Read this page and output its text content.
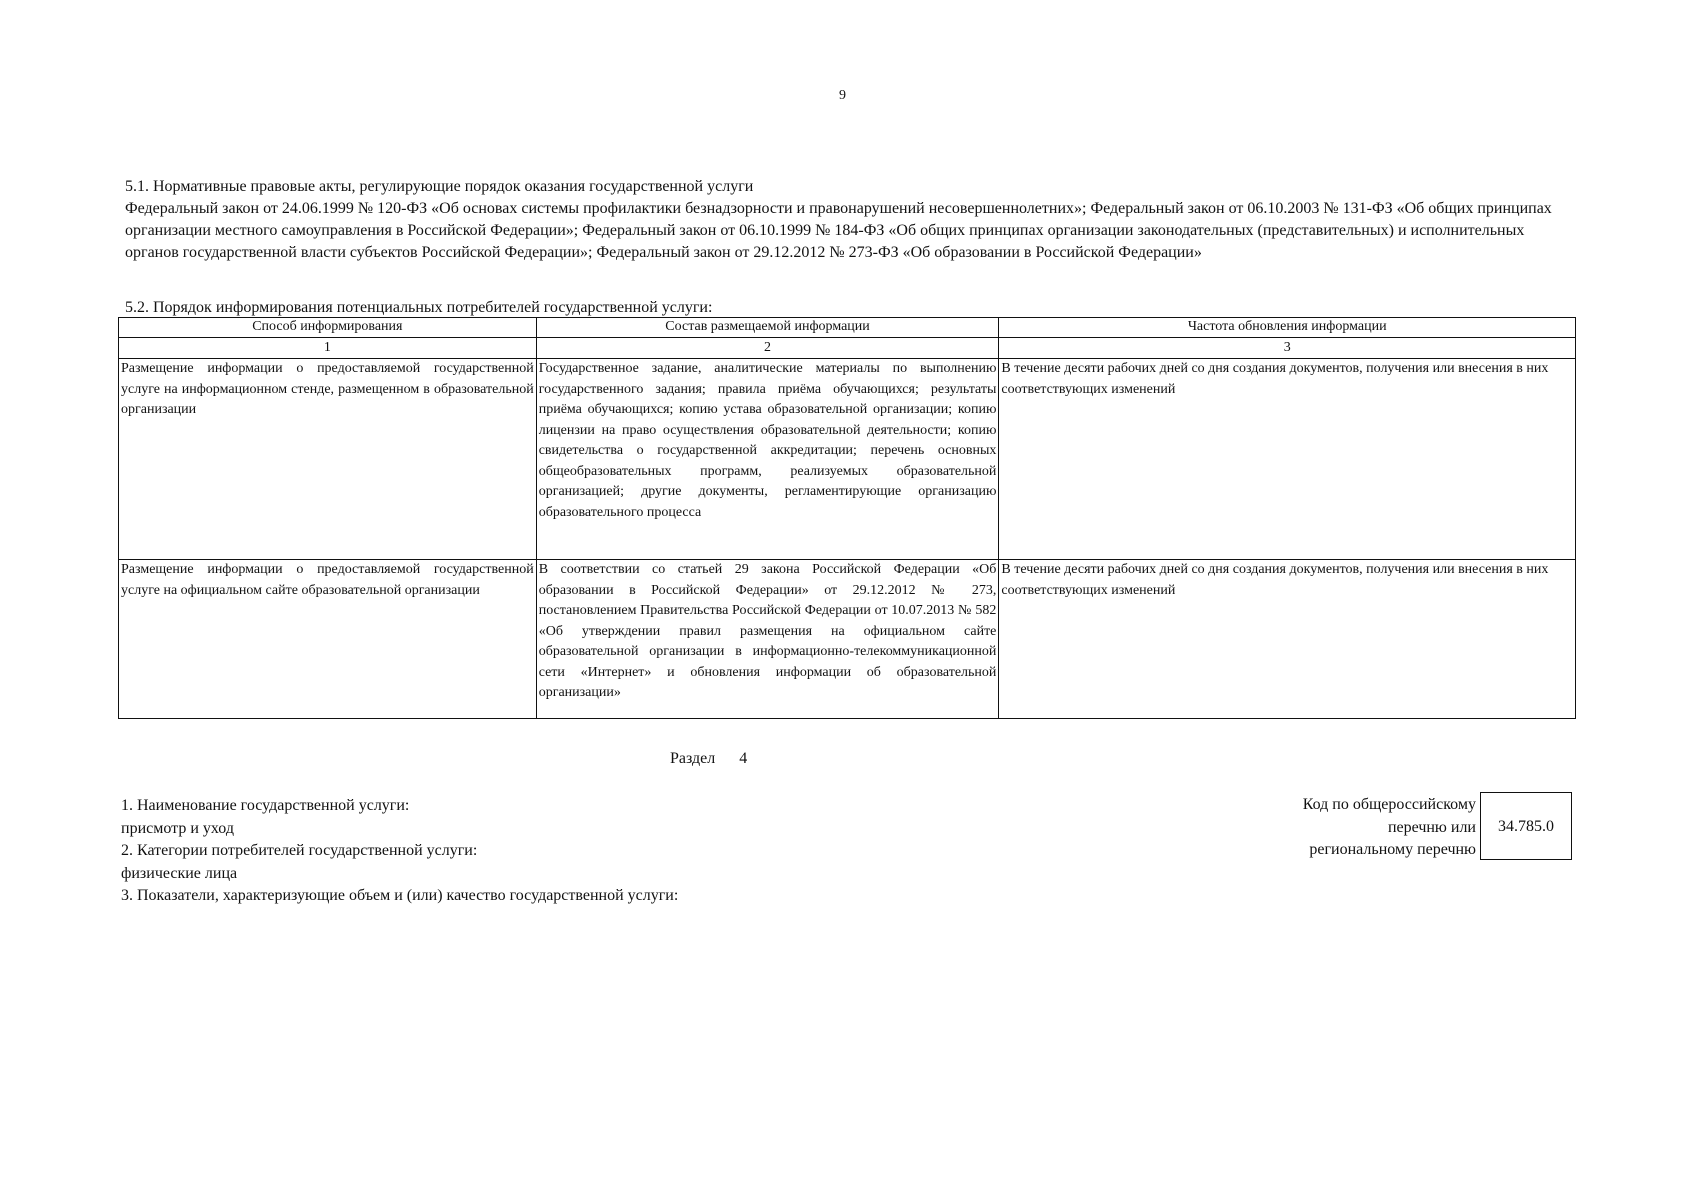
9
5.1. Нормативные правовые акты, регулирующие порядок оказания государственной услуги
Федеральный закон от 24.06.1999 № 120-ФЗ «Об основах системы профилактики безнадзорности и правонарушений несовершеннолетних»; Федеральный закон от 06.10.2003 № 131-ФЗ «Об общих принципах организации местного самоуправления в Российской Федерации»; Федеральный закон от 06.10.1999 № 184-ФЗ «Об общих принципах организации законодательных (представительных) и исполнительных органов государственной власти субъектов Российской Федерации»; Федеральный закон от 29.12.2012 № 273-ФЗ «Об образовании в Российской Федерации»
5.2. Порядок информирования потенциальных потребителей государственной услуги:
Способ информирования	Состав размещаемой информации	Частота обновления информации
1	2	3
Размещение информации о предоставляемой государственной услуге на информационном стенде, размещенном в образовательной организации	Государственное задание, аналитические материалы по выполнению государственного задания; правила приёма обучающихся; результаты приёма обучающихся; копию устава образовательной организации; копию лицензии на право осуществления образовательной деятельности; копию свидетельства о государственной аккредитации; перечень основных общеобразовательных программ, реализуемых образовательной организацией; другие документы, регламентирующие организацию образовательного процесса	В течение десяти рабочих дней со дня создания документов, получения или внесения в них соответствующих изменений
Размещение информации о предоставляемой государственной услуге на официальном сайте образовательной организации	В соответствии со статьей 29 закона Российской Федерации «Об образовании в Российской Федерации» от 29.12.2012 № 273, постановлением Правительства Российской Федерации от 10.07.2013 № 582 «Об утверждении правил размещения на официальном сайте образовательной организации в информационно-телекоммуникационной сети «Интернет» и обновления информации об образовательной организации»	В течение десяти рабочих дней со дня создания документов, получения или внесения в них соответствующих изменений
Раздел 4
1. Наименование государственной услуги:
присмотр и уход
2. Категории потребителей государственной услуги:
физические лица
3. Показатели, характеризующие объем и (или) качество государственной услуги:
Код по общероссийскому
перечню или
региональному перечню
34.785.0
